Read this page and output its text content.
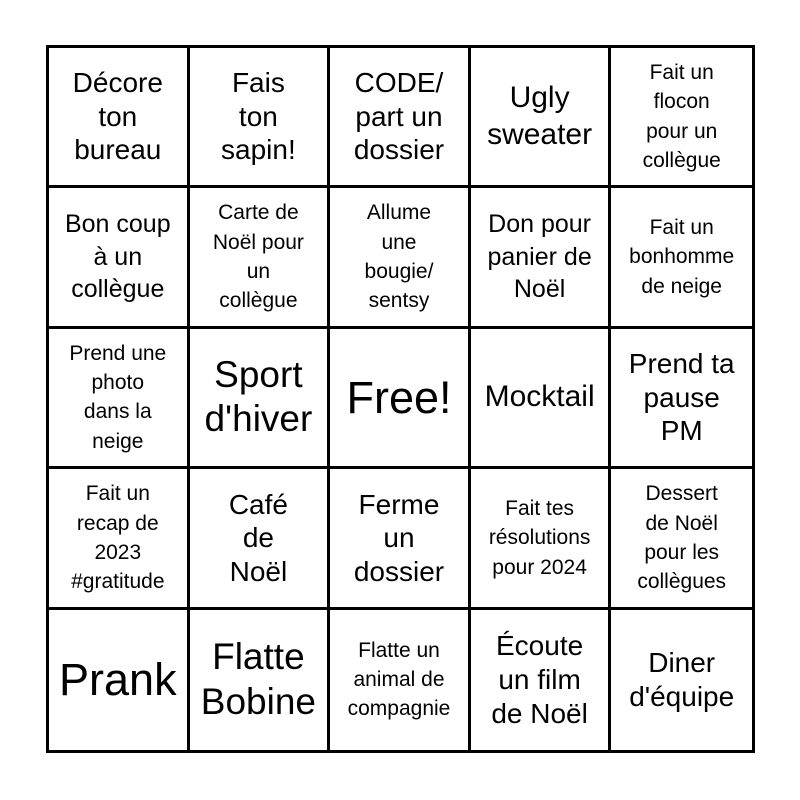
Décore
ton
bureau
Fais
ton
sapin!
CODE/
part un
dossier
Ugly
sweater
Fait un
flocon
pour un
collègue
Bon coup
à un
collègue
Carte de
Noël pour
un
collègue
Allume
une
bougie/
sentsy
Don pour
panier de
Noël
Fait un
bonhomme
de neige
Prend une
photo
dans la
neige
Sport
d'hiver Free! Mocktail
Prend ta
pause
PM
Fait un
recap de
2023
#gratitude
Café
de
Noël
Ferme
un
dossier
Fait tes
résolutions
pour 2024
Dessert
de Noël
pour les
collègues
Prank Flatte
Bobine
Flatte un
animal de
compagnie
Écoute
un film
de Noël
Diner
d'équipe
